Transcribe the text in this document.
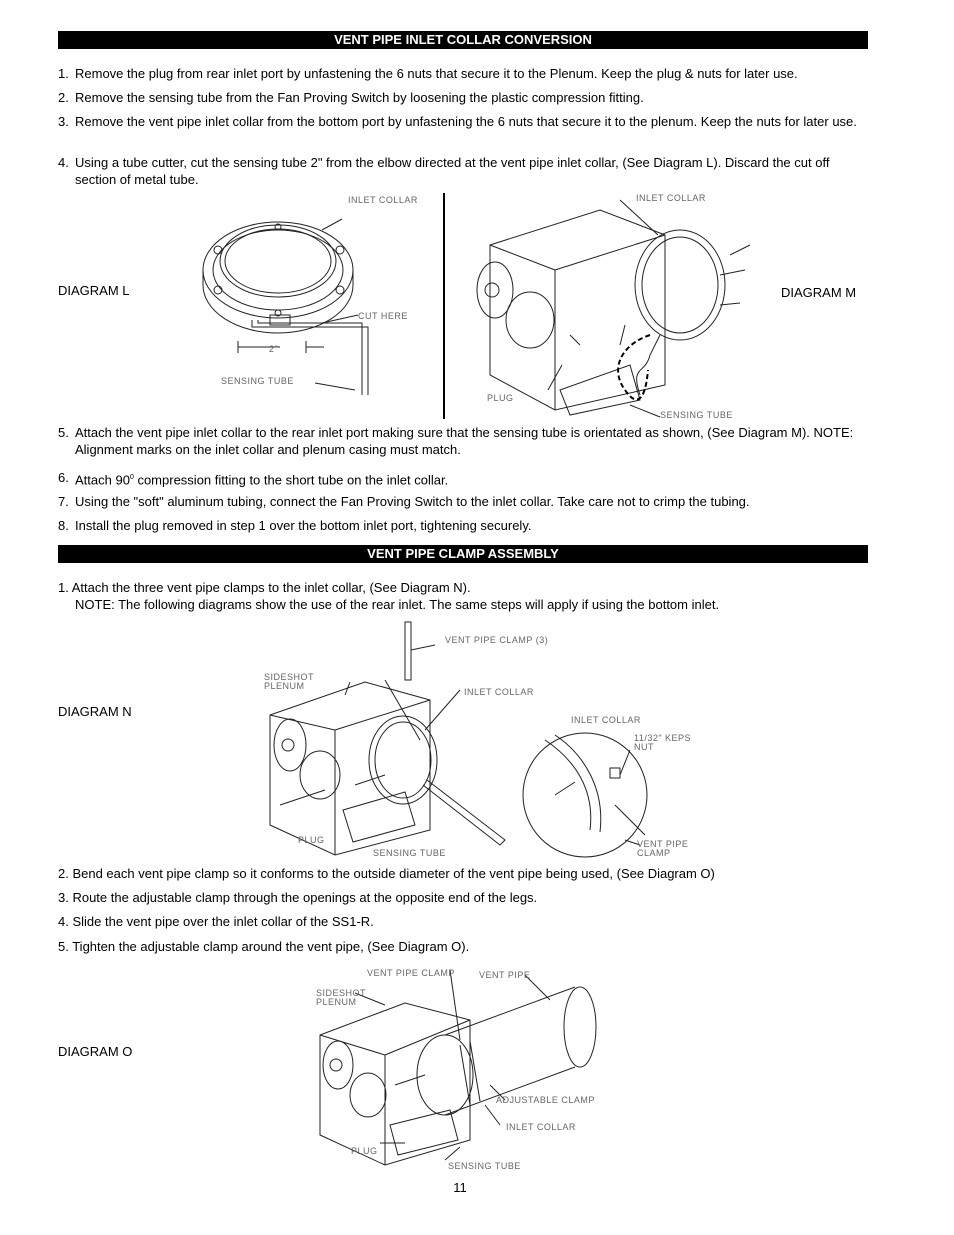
VENT PIPE INLET COLLAR CONVERSION
1. Remove the plug from rear inlet port by unfastening the 6 nuts that secure it to the Plenum. Keep the plug & nuts for later use.
2. Remove the sensing tube from the Fan Proving Switch by loosening the plastic compression fitting.
3. Remove the vent pipe inlet collar from the bottom port by unfastening the 6 nuts that secure it to the plenum. Keep the nuts for later use.
4. Using a tube cutter, cut the sensing tube 2" from the elbow directed at the vent pipe inlet collar, (See Diagram L). Discard the cut off section of metal tube.
DIAGRAM L
INLET COLLAR
CUT HERE
2"
SENSING TUBE
INLET COLLAR
PLUG
SENSING TUBE
DIAGRAM M
5. Attach the vent pipe inlet collar to the rear inlet port making sure that the sensing tube is orientated as shown, (See Diagram M). NOTE: Alignment marks on the inlet collar and plenum casing must match.
6. Attach $90^0$ compression fitting to the short tube on the inlet collar.
7. Using the "soft" aluminum tubing, connect the Fan Proving Switch to the inlet collar. Take care not to crimp the tubing.
8. Install the plug removed in step 1 over the bottom inlet port, tightening securely.
VENT PIPE CLAMP ASSEMBLY
1. Attach the three vent pipe clamps to the inlet collar, (See Diagram N).
NOTE: The following diagrams show the use of the rear inlet. The same steps will apply if using the bottom inlet.
DIAGRAM N
VENT PIPE CLAMP (3)
SIDESHOT
PLENUM
INLET COLLAR
INLET COLLAR
11/32" KEPS
NUT
VENT PIPE
CLAMP
PLUG
SENSING TUBE
2. Bend each vent pipe clamp so it conforms to the outside diameter of the vent pipe being used, (See Diagram O)
3. Route the adjustable clamp through the openings at the opposite end of the legs.
4. Slide the vent pipe over the inlet collar of the SS1-R.
5. Tighten the adjustable clamp around the vent pipe, (See Diagram O).
DIAGRAM O
VENT PIPE CLAMP	VENT PIPE
SIDESHOT
PLENUM
ADJUSTABLE CLAMP
INLET COLLAR
PLUG
SENSING TUBE
11
